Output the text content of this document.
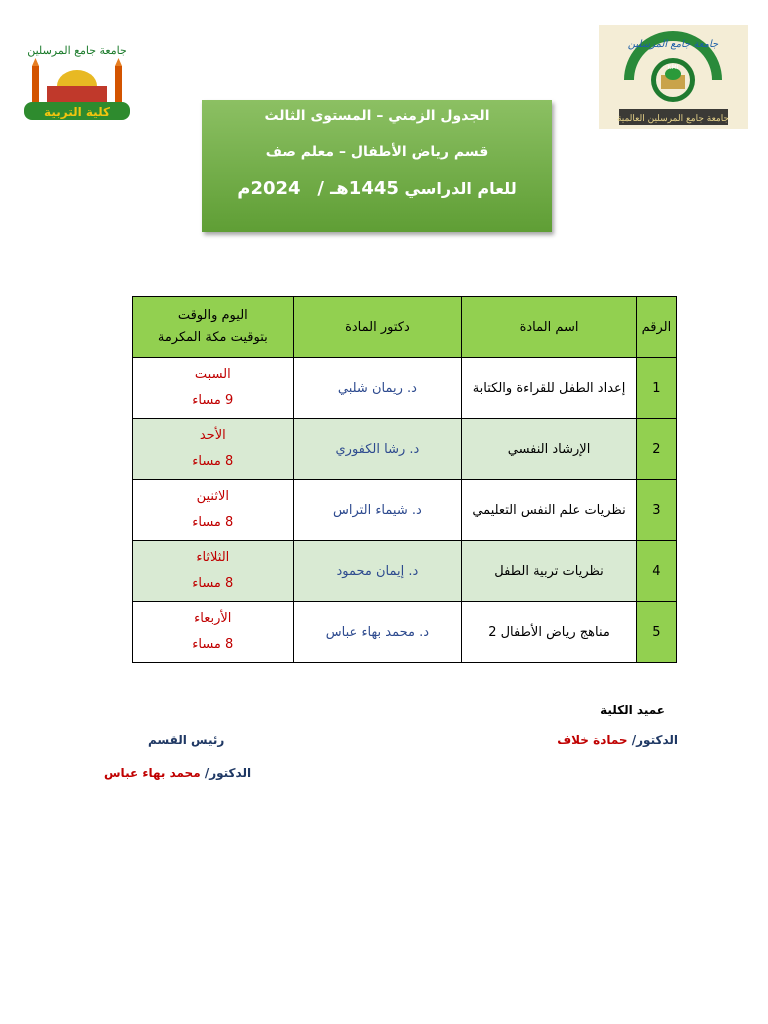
جامعة جامع المرسلين
كلية التربية
جامعة جامع المرسلين
KMI
جامعة جامع المرسلين العالمية
الجدول الزمني – المستوى الثالث
قسم رياض الأطفال – معلم صف
للعام الدراسي 1445هـ /   2024م
الرقم	اسم المادة	دكتور المادة	اليوم والوقت
بتوقيت مكة المكرمة

1	إعداد الطفل للقراءة والكتابة	د. ريمان شلبي	السبت
9 مساء

2	الإرشاد النفسي	د. رشا الكفوري	الأحد
8 مساء

3	نظريات علم النفس التعليمي	د. شيماء التراس	الاثنين
8 مساء

4	نظريات تربية الطفل	د. إيمان محمود	الثلاثاء
8 مساء

5	مناهج رياض الأطفال 2	د. محمد بهاء عباس	الأربعاء
8 مساء
عميد الكلية
الدكتور/ حمادة خلاف
رئيس القسم
الدكتور/ محمد بهاء عباس
